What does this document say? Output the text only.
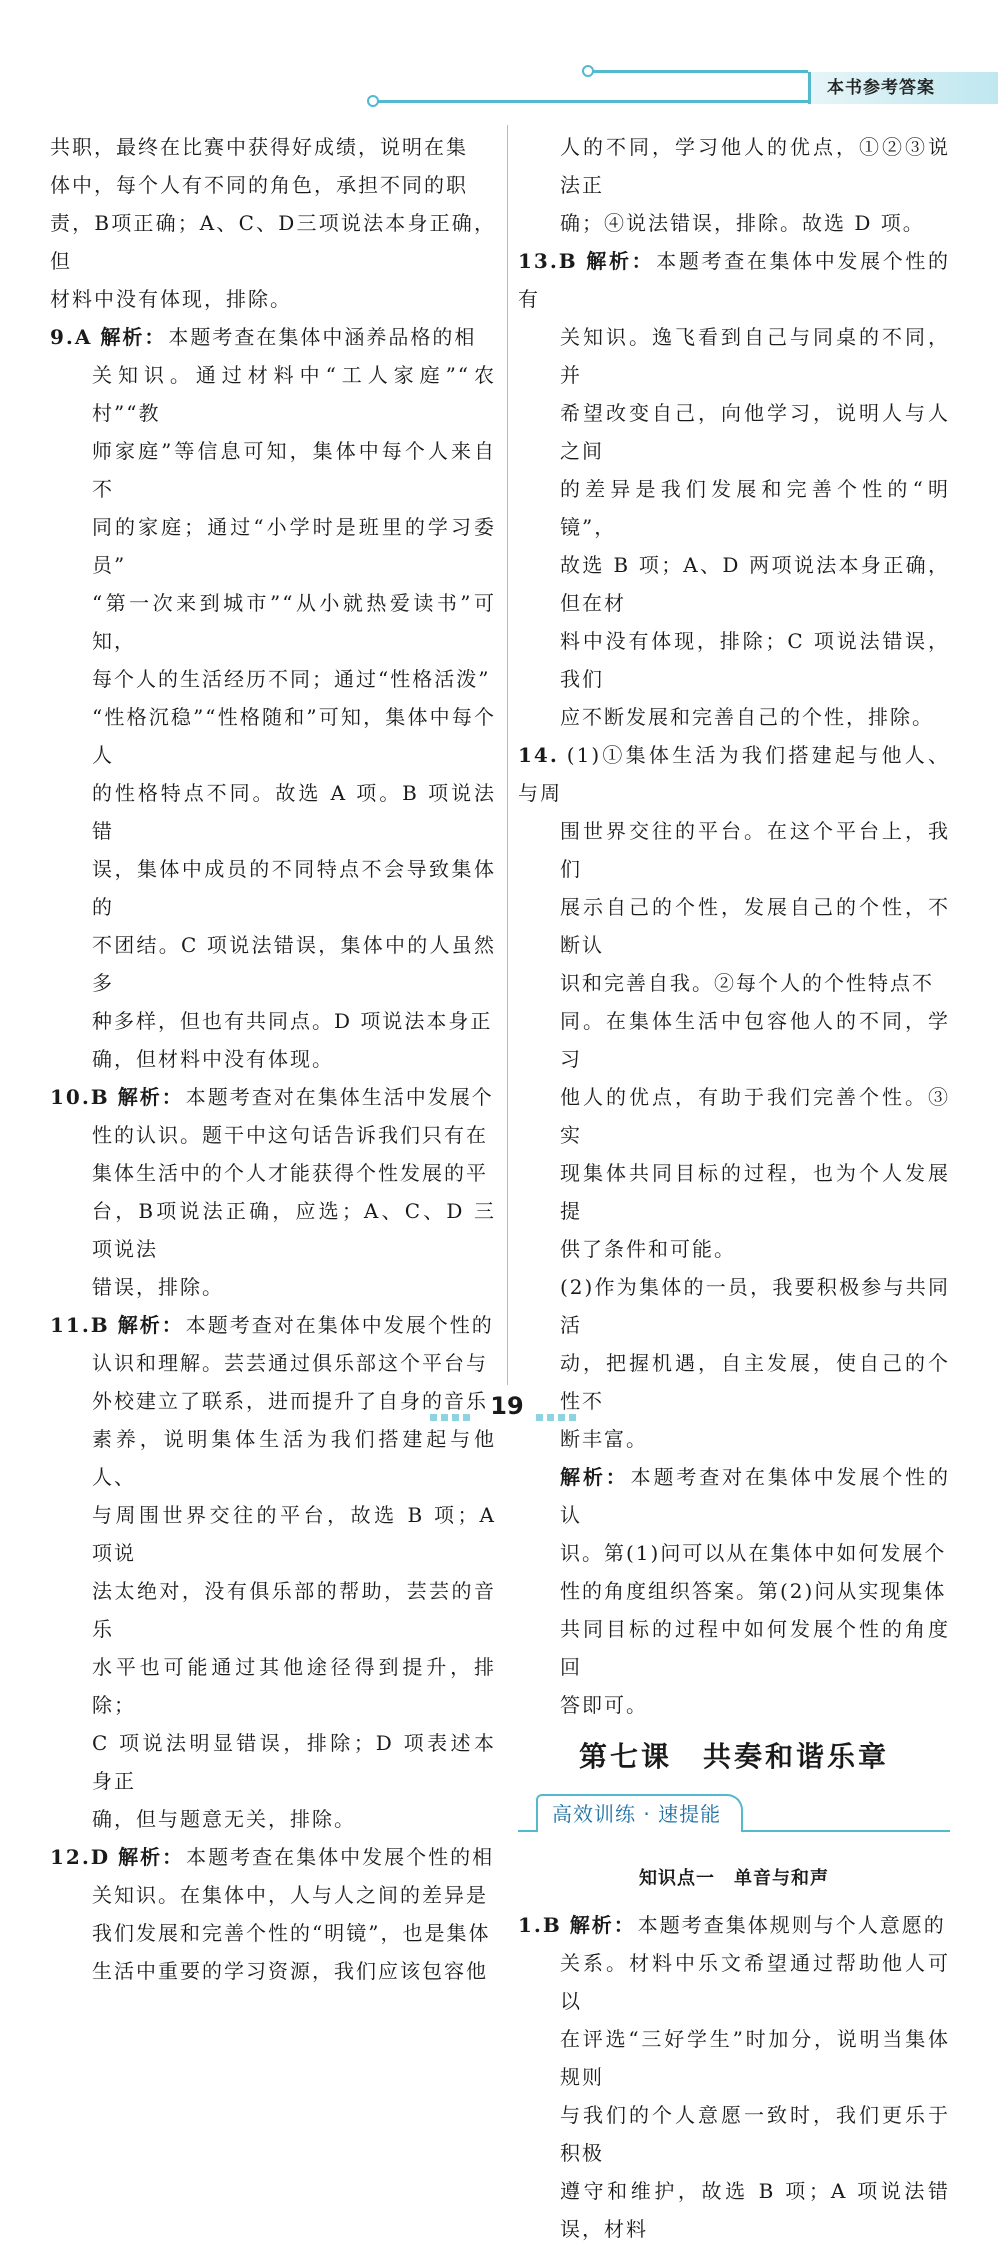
本书参考答案

共职，最终在比赛中获得好成绩，说明在集

体中，每个人有不同的角色，承担不同的职

责，B项正确；A、C、D三项说法本身正确，但

材料中没有体现，排除。

9.A 解析： 本题考查在集体中涵养品格的相

关知识。通过材料中“工人家庭”“农村”“教

师家庭”等信息可知，集体中每个人来自不

同的家庭；通过“小学时是班里的学习委员”

“第一次来到城市”“从小就热爱读书”可知，

每个人的生活经历不同；通过“性格活泼”

“性格沉稳”“性格随和”可知，集体中每个人

的性格特点不同。故选 A 项。B 项说法错

误，集体中成员的不同特点不会导致集体的

不团结。C 项说法错误，集体中的人虽然多

种多样，但也有共同点。D 项说法本身正

确，但材料中没有体现。

10.B 解析： 本题考查对在集体生活中发展个

性的认识。题干中这句话告诉我们只有在

集体生活中的个人才能获得个性发展的平

台，B项说法正确，应选；A、C、D 三项说法

错误，排除。

11.B 解析： 本题考查对在集体中发展个性的

认识和理解。芸芸通过俱乐部这个平台与

外校建立了联系，进而提升了自身的音乐

素养，说明集体生活为我们搭建起与他人、

与周围世界交往的平台，故选 B 项；A 项说

法太绝对，没有俱乐部的帮助，芸芸的音乐

水平也可能通过其他途径得到提升，排除；

C 项说法明显错误，排除；D 项表述本身正

确，但与题意无关，排除。

12.D 解析： 本题考查在集体中发展个性的相

关知识。在集体中，人与人之间的差异是

我们发展和完善个性的“明镜”，也是集体

生活中重要的学习资源，我们应该包容他

人的不同，学习他人的优点，①②③说法正

确；④说法错误，排除。故选 D 项。

13.B 解析： 本题考查在集体中发展个性的有

关知识。逸飞看到自己与同桌的不同，并

希望改变自己，向他学习，说明人与人之间

的差异是我们发展和完善个性的“明镜”，

故选 B 项；A、D 两项说法本身正确，但在材

料中没有体现，排除；C 项说法错误，我们

应不断发展和完善自己的个性，排除。

14. (1)①集体生活为我们搭建起与他人、与周

围世界交往的平台。在这个平台上，我们

展示自己的个性，发展自己的个性，不断认

识和完善自我。②每个人的个性特点不

同。在集体生活中包容他人的不同，学习

他人的优点，有助于我们完善个性。③实

现集体共同目标的过程，也为个人发展提

供了条件和可能。

(2)作为集体的一员，我要积极参与共同活

动，把握机遇，自主发展，使自己的个性不

断丰富。

解析： 本题考查对在集体中发展个性的认

识。第(1)问可以从在集体中如何发展个

性的角度组织答案。第(2)问从实现集体

共同目标的过程中如何发展个性的角度回

答即可。

第七课　共奏和谐乐章
高效训练 · 速提能
知识点一　单音与和声

1.B 解析： 本题考查集体规则与个人意愿的

关系。材料中乐文希望通过帮助他人可以

在评选“三好学生”时加分，说明当集体规则

与我们的个人意愿一致时，我们更乐于积极

遵守和维护，故选 B 项；A 项说法错误，材料

19
